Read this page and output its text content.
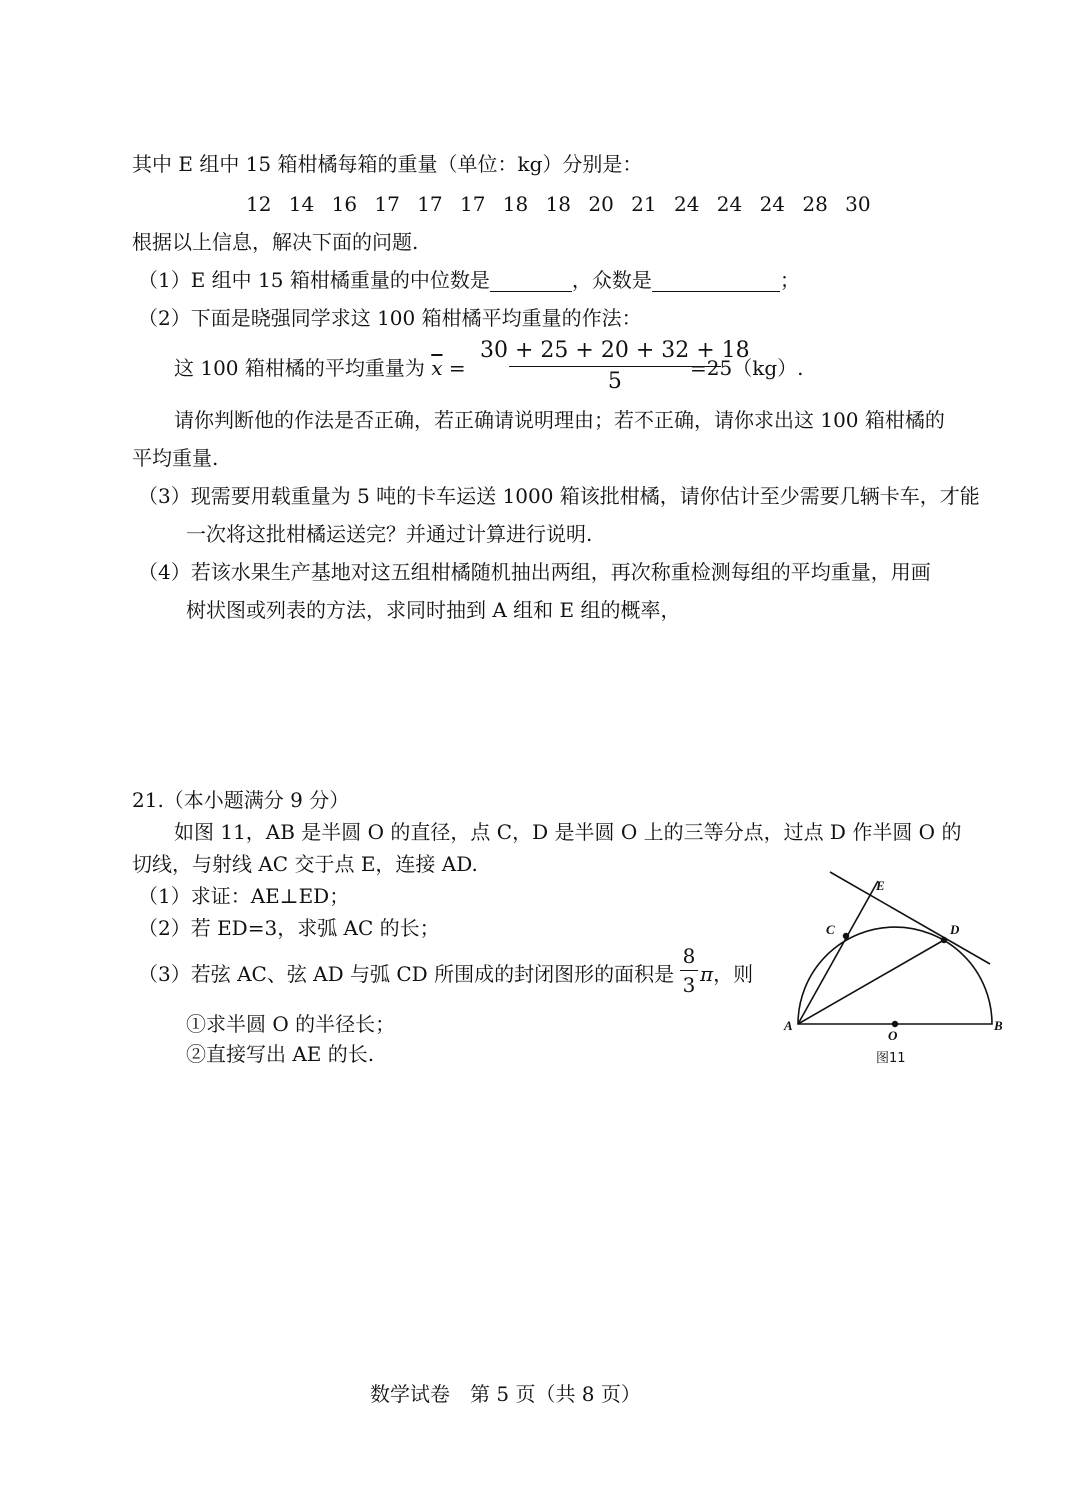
其中 E 组中 15 箱柑橘每箱的重量（单位：kg）分别是：
12 14 16 17 17 17 18 18 20 21 24 24 24 28 30
根据以上信息，解决下面的问题.
（1）E 组中 15 箱柑橘重量的中位数是	，众数是	；
（2）下面是晓强同学求这 100 箱柑橘平均重量的作法：
这 100 箱柑橘的平均重量为 $\overline{x}$ =
30 + 25 + 20 + 32 + 18
5
=25（kg）.
请你判断他的作法是否正确，若正确请说明理由；若不正确，请你求出这 100 箱柑橘的
平均重量.
（3）现需要用载重量为 5 吨的卡车运送 1000 箱该批柑橘，请你估计至少需要几辆卡车，才能
一次将这批柑橘运送完？并通过计算进行说明.
（4）若该水果生产基地对这五组柑橘随机抽出两组，再次称重检测每组的平均重量，用画
树状图或列表的方法，求同时抽到 A 组和 E 组的概率，
21.（本小题满分 9 分）
如图 11，AB 是半圆 O 的直径，点 C，D 是半圆 O 上的三等分点，过点 D 作半圆 O 的
切线，与射线 AC 交于点 E，连接 AD.
（1）求证：AE⊥ED；
（2）若 ED=3，求弧 AC 的长；
（3）若弦 AC、弦 AD 与弧 CD 所围成的封闭图形的面积是
8
3 π，则
①求半圆 O 的半径长；
②直接写出 AE 的长.
E
C	D
A
O
B
图11
数学试卷　第 5 页（共 8 页）
